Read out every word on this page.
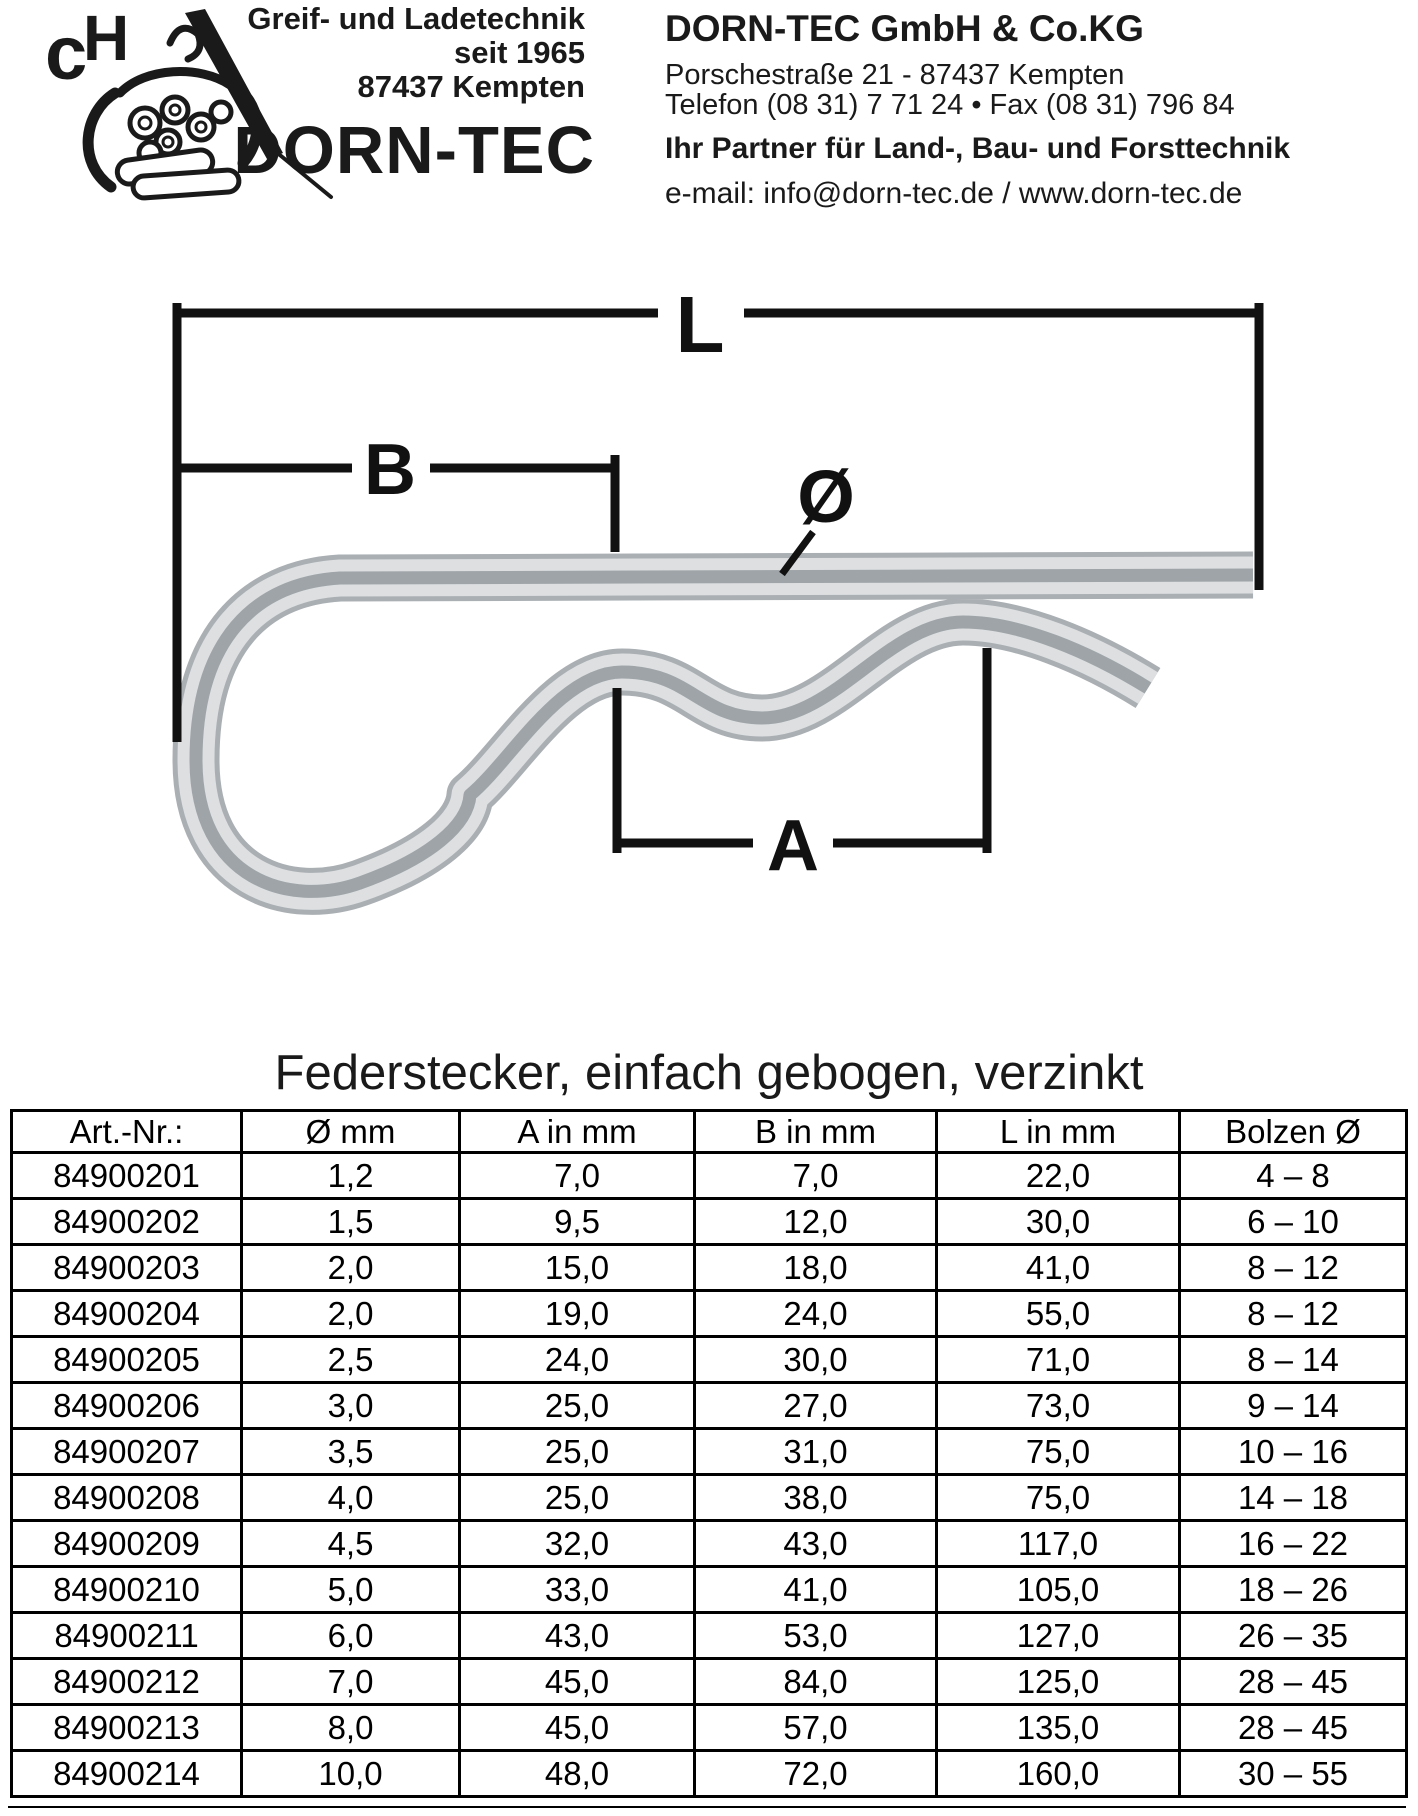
c
H	Greif- und Ladetechnik
seit 1965
87437 Kempten
DORN-TEC
DORN-TEC GmbH & Co.KG
Porschestraße 21 - 87437 Kempten
Telefon (08 31) 7 71 24 • Fax (08 31) 796 84
Ihr Partner für Land-, Bau- und Forsttechnik
e-mail: info@dorn-tec.de / www.dorn-tec.de
L
B	Ø
A
Federstecker, einfach gebogen, verzinkt
Art.-Nr.:	Ø mm	A in mm	B in mm	L in mm	Bolzen Ø
84900201	1,2	7,0	7,0	22,0	4 – 8
84900202	1,5	9,5	12,0	30,0	6 – 10
84900203	2,0	15,0	18,0	41,0	8 – 12
84900204	2,0	19,0	24,0	55,0	8 – 12
84900205	2,5	24,0	30,0	71,0	8 – 14
84900206	3,0	25,0	27,0	73,0	9 – 14
84900207	3,5	25,0	31,0	75,0	10 – 16
84900208	4,0	25,0	38,0	75,0	14 – 18
84900209	4,5	32,0	43,0	117,0	16 – 22
84900210	5,0	33,0	41,0	105,0	18 – 26
84900211	6,0	43,0	53,0	127,0	26 – 35
84900212	7,0	45,0	84,0	125,0	28 – 45
84900213	8,0	45,0	57,0	135,0	28 – 45
84900214	10,0	48,0	72,0	160,0	30 – 55
